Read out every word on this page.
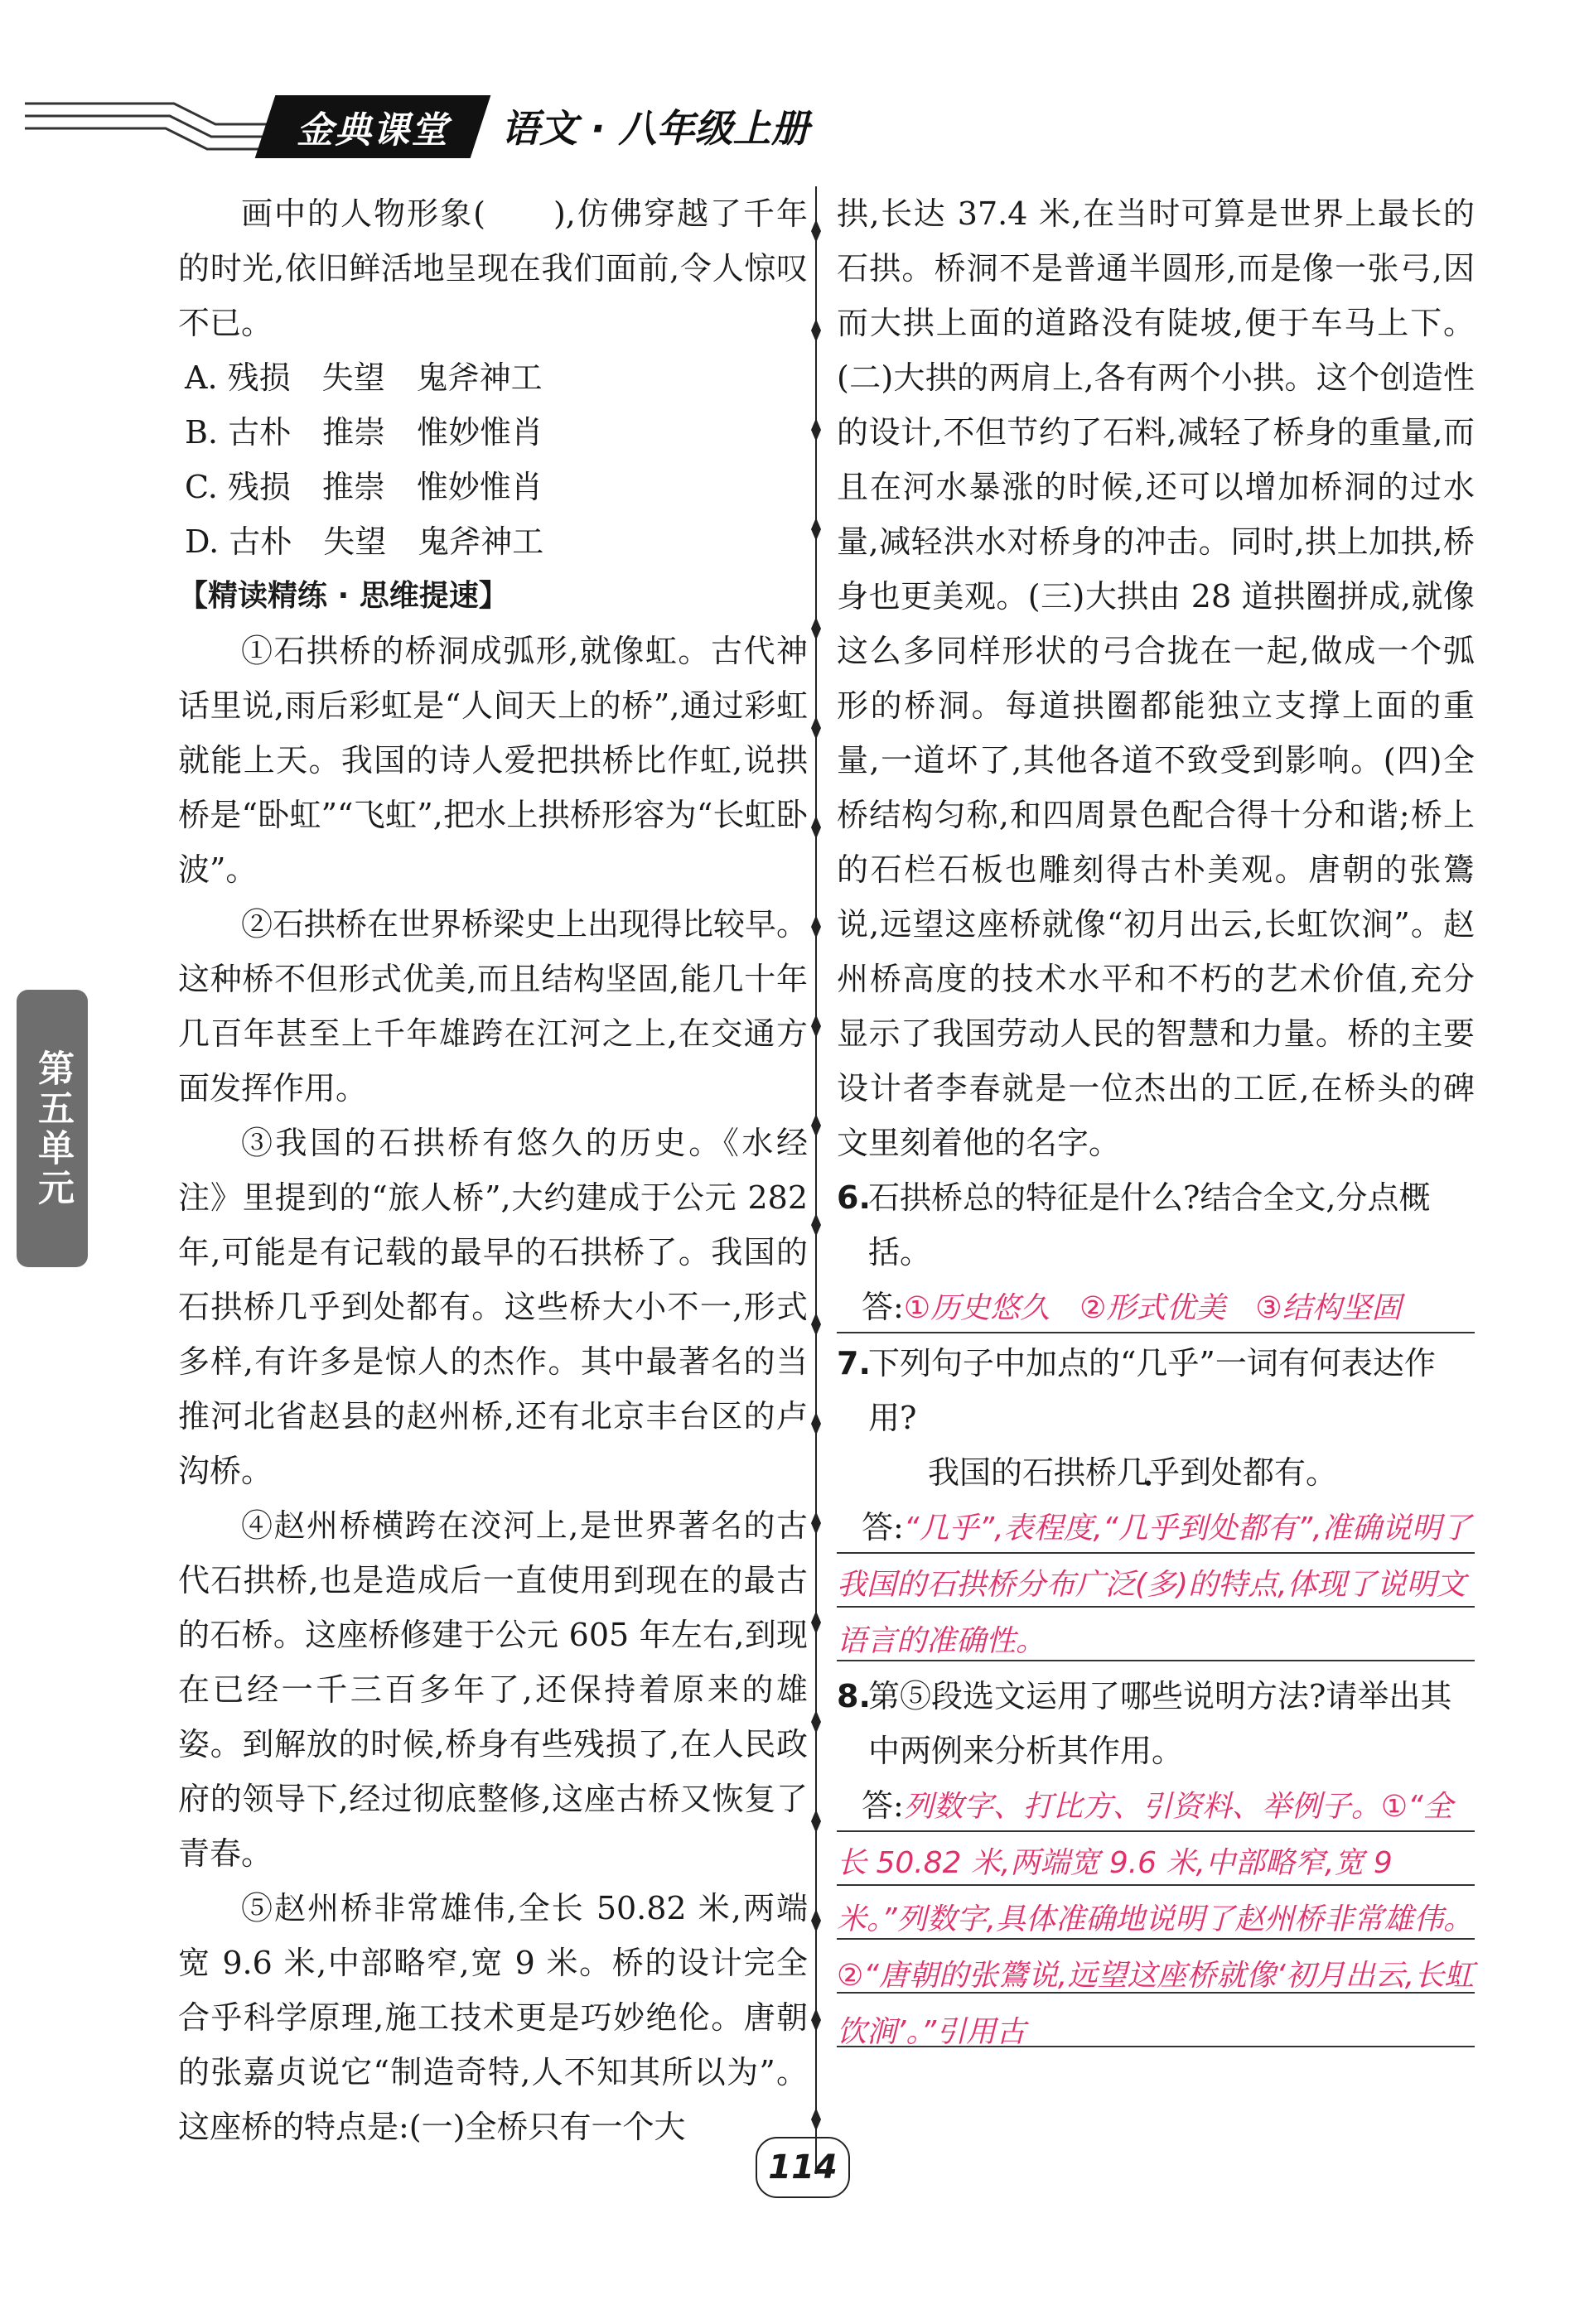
金典课堂 语文 · 八年级上册
第五单元

画中的人物形象(　　),仿佛穿越了千年的时光,依旧鲜活地呈现在我们面前,令人惊叹不已。

A. 残损　失望　鬼斧神工

B. 古朴　推崇　惟妙惟肖

C. 残损　推崇　惟妙惟肖

D. 古朴　失望　鬼斧神工

【精读精练 · 思维提速】

①石拱桥的桥洞成弧形,就像虹。古代神话里说,雨后彩虹是“人间天上的桥”,通过彩虹就能上天。我国的诗人爱把拱桥比作虹,说拱桥是“卧虹”“飞虹”,把水上拱桥形容为“长虹卧波”。

②石拱桥在世界桥梁史上出现得比较早。这种桥不但形式优美,而且结构坚固,能几十年几百年甚至上千年雄跨在江河之上,在交通方面发挥作用。

③我国的石拱桥有悠久的历史。《水经注》里提到的“旅人桥”,大约建成于公元 282 年,可能是有记载的最早的石拱桥了。我国的石拱桥几乎到处都有。这些桥大小不一,形式多样,有许多是惊人的杰作。其中最著名的当推河北省赵县的赵州桥,还有北京丰台区的卢沟桥。

④赵州桥横跨在洨河上,是世界著名的古代石拱桥,也是造成后一直使用到现在的最古的石桥。这座桥修建于公元 605 年左右,到现在已经一千三百多年了,还保持着原来的雄姿。到解放的时候,桥身有些残损了,在人民政府的领导下,经过彻底整修,这座古桥又恢复了青春。

⑤赵州桥非常雄伟,全长 50.82 米,两端宽 9.6 米,中部略窄,宽 9 米。桥的设计完全合乎科学原理,施工技术更是巧妙绝伦。唐朝的张嘉贞说它“制造奇特,人不知其所以为”。这座桥的特点是:(一)全桥只有一个大

拱,长达 37.4 米,在当时可算是世界上最长的石拱。桥洞不是普通半圆形,而是像一张弓,因而大拱上面的道路没有陡坡,便于车马上下。(二)大拱的两肩上,各有两个小拱。这个创造性的设计,不但节约了石料,减轻了桥身的重量,而且在河水暴涨的时候,还可以增加桥洞的过水量,减轻洪水对桥身的冲击。同时,拱上加拱,桥身也更美观。(三)大拱由 28 道拱圈拼成,就像这么多同样形状的弓合拢在一起,做成一个弧形的桥洞。每道拱圈都能独立支撑上面的重量,一道坏了,其他各道不致受到影响。(四)全桥结构匀称,和四周景色配合得十分和谐;桥上的石栏石板也雕刻得古朴美观。唐朝的张鷟说,远望这座桥就像“初月出云,长虹饮涧”。赵州桥高度的技术水平和不朽的艺术价值,充分显示了我国劳动人民的智慧和力量。桥的主要设计者李春就是一位杰出的工匠,在桥头的碑文里刻着他的名字。

6.
石拱桥总的特征是什么?结合全文,分点概括。

答:①历史悠久　②形式优美　③结构坚固

7.
下列句子中加点的“几乎”一词有何表达作用?

我国的石拱桥几乎到处都有。

答:“几乎”,表程度,“几乎到处都有”,准确说明了我国的石拱桥分布广泛(多)的特点,体现了说明文语言的准确性。

8.
第⑤段选文运用了哪些说明方法?请举出其中两例来分析其作用。

答:列数字、打比方、引资料、举例子。①“全长 50.82 米,两端宽 9.6 米,中部略窄,宽 9 米。”列数字,具体准确地说明了赵州桥非常雄伟。②“唐朝的张鷟说,远望这座桥就像‘初月出云,长虹饮涧’。”引用古

114
